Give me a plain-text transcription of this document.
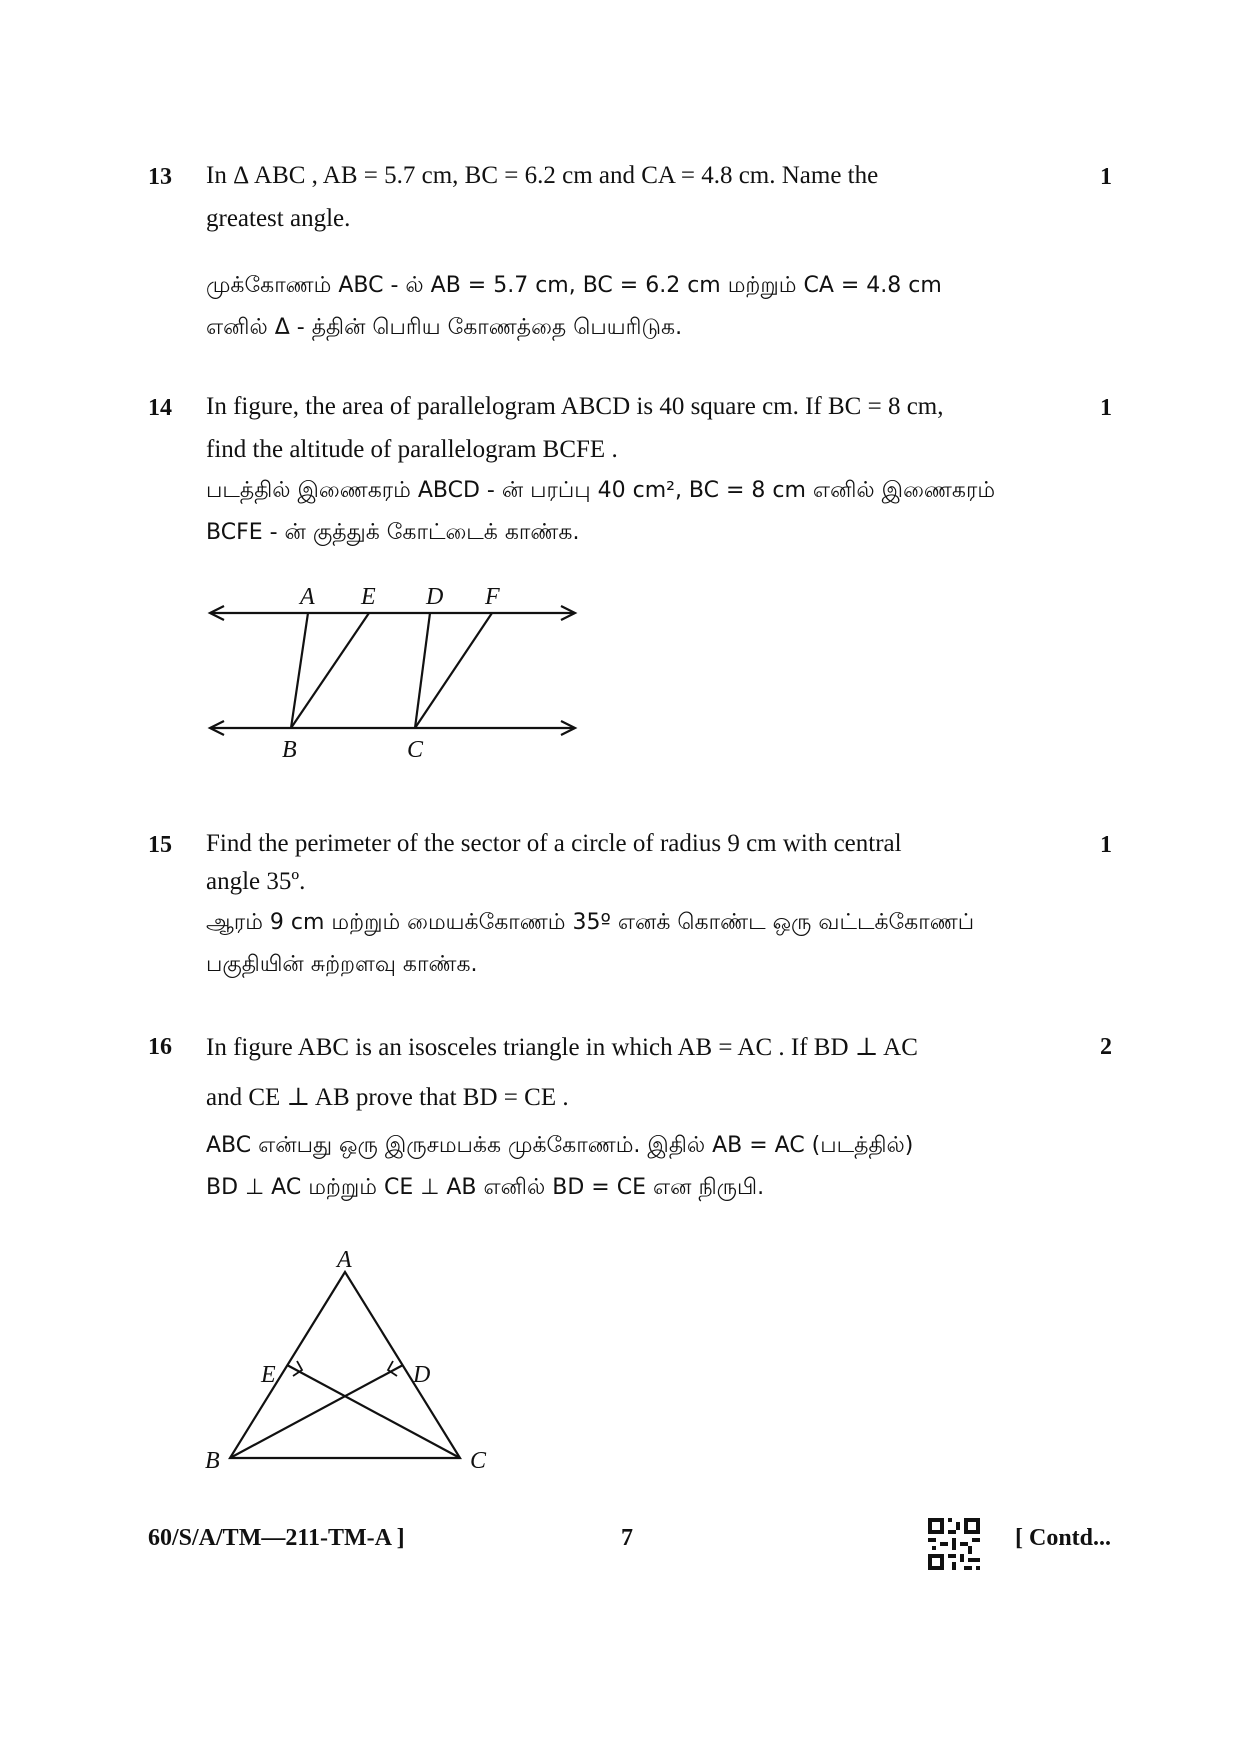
13	1
In Δ ABC , AB = 5.7 cm, BC = 6.2 cm and CA = 4.8 cm. Name the
greatest angle.
முக்கோணம் ABC - ல் AB = 5.7 cm, BC = 6.2 cm மற்றும் CA = 4.8 cm
எனில் Δ - த்தின் பெரிய கோணத்தை பெயரிடுக.
14	1
In figure, the area of parallelogram ABCD is 40 square cm. If BC = 8 cm,
find the altitude of parallelogram BCFE .
படத்தில் இணைகரம் ABCD - ன் பரப்பு 40 cm², BC = 8 cm எனில் இணைகரம்
BCFE - ன் குத்துக் கோட்டைக் காண்க.
A E D F
B	C
15	1
Find the perimeter of the sector of a circle of radius 9 cm with central
angle 35º.
ஆரம் 9 cm மற்றும் மையக்கோணம் 35º எனக் கொண்ட ஒரு வட்டக்கோணப்
பகுதியின் சுற்றளவு காண்க.
16	2
In figure ABC is an isosceles triangle in which AB = AC . If BD ⊥ AC
and CE ⊥ AB prove that BD = CE .
ABC என்பது ஒரு இருசமபக்க முக்கோணம். இதில் AB = AC (படத்தில்)
BD ⊥ AC மற்றும் CE ⊥ AB எனில் BD = CE என நிருபி.
A
E	D
B	C
60/S/A/TM—211-TM-A ]	7	[ Contd...
